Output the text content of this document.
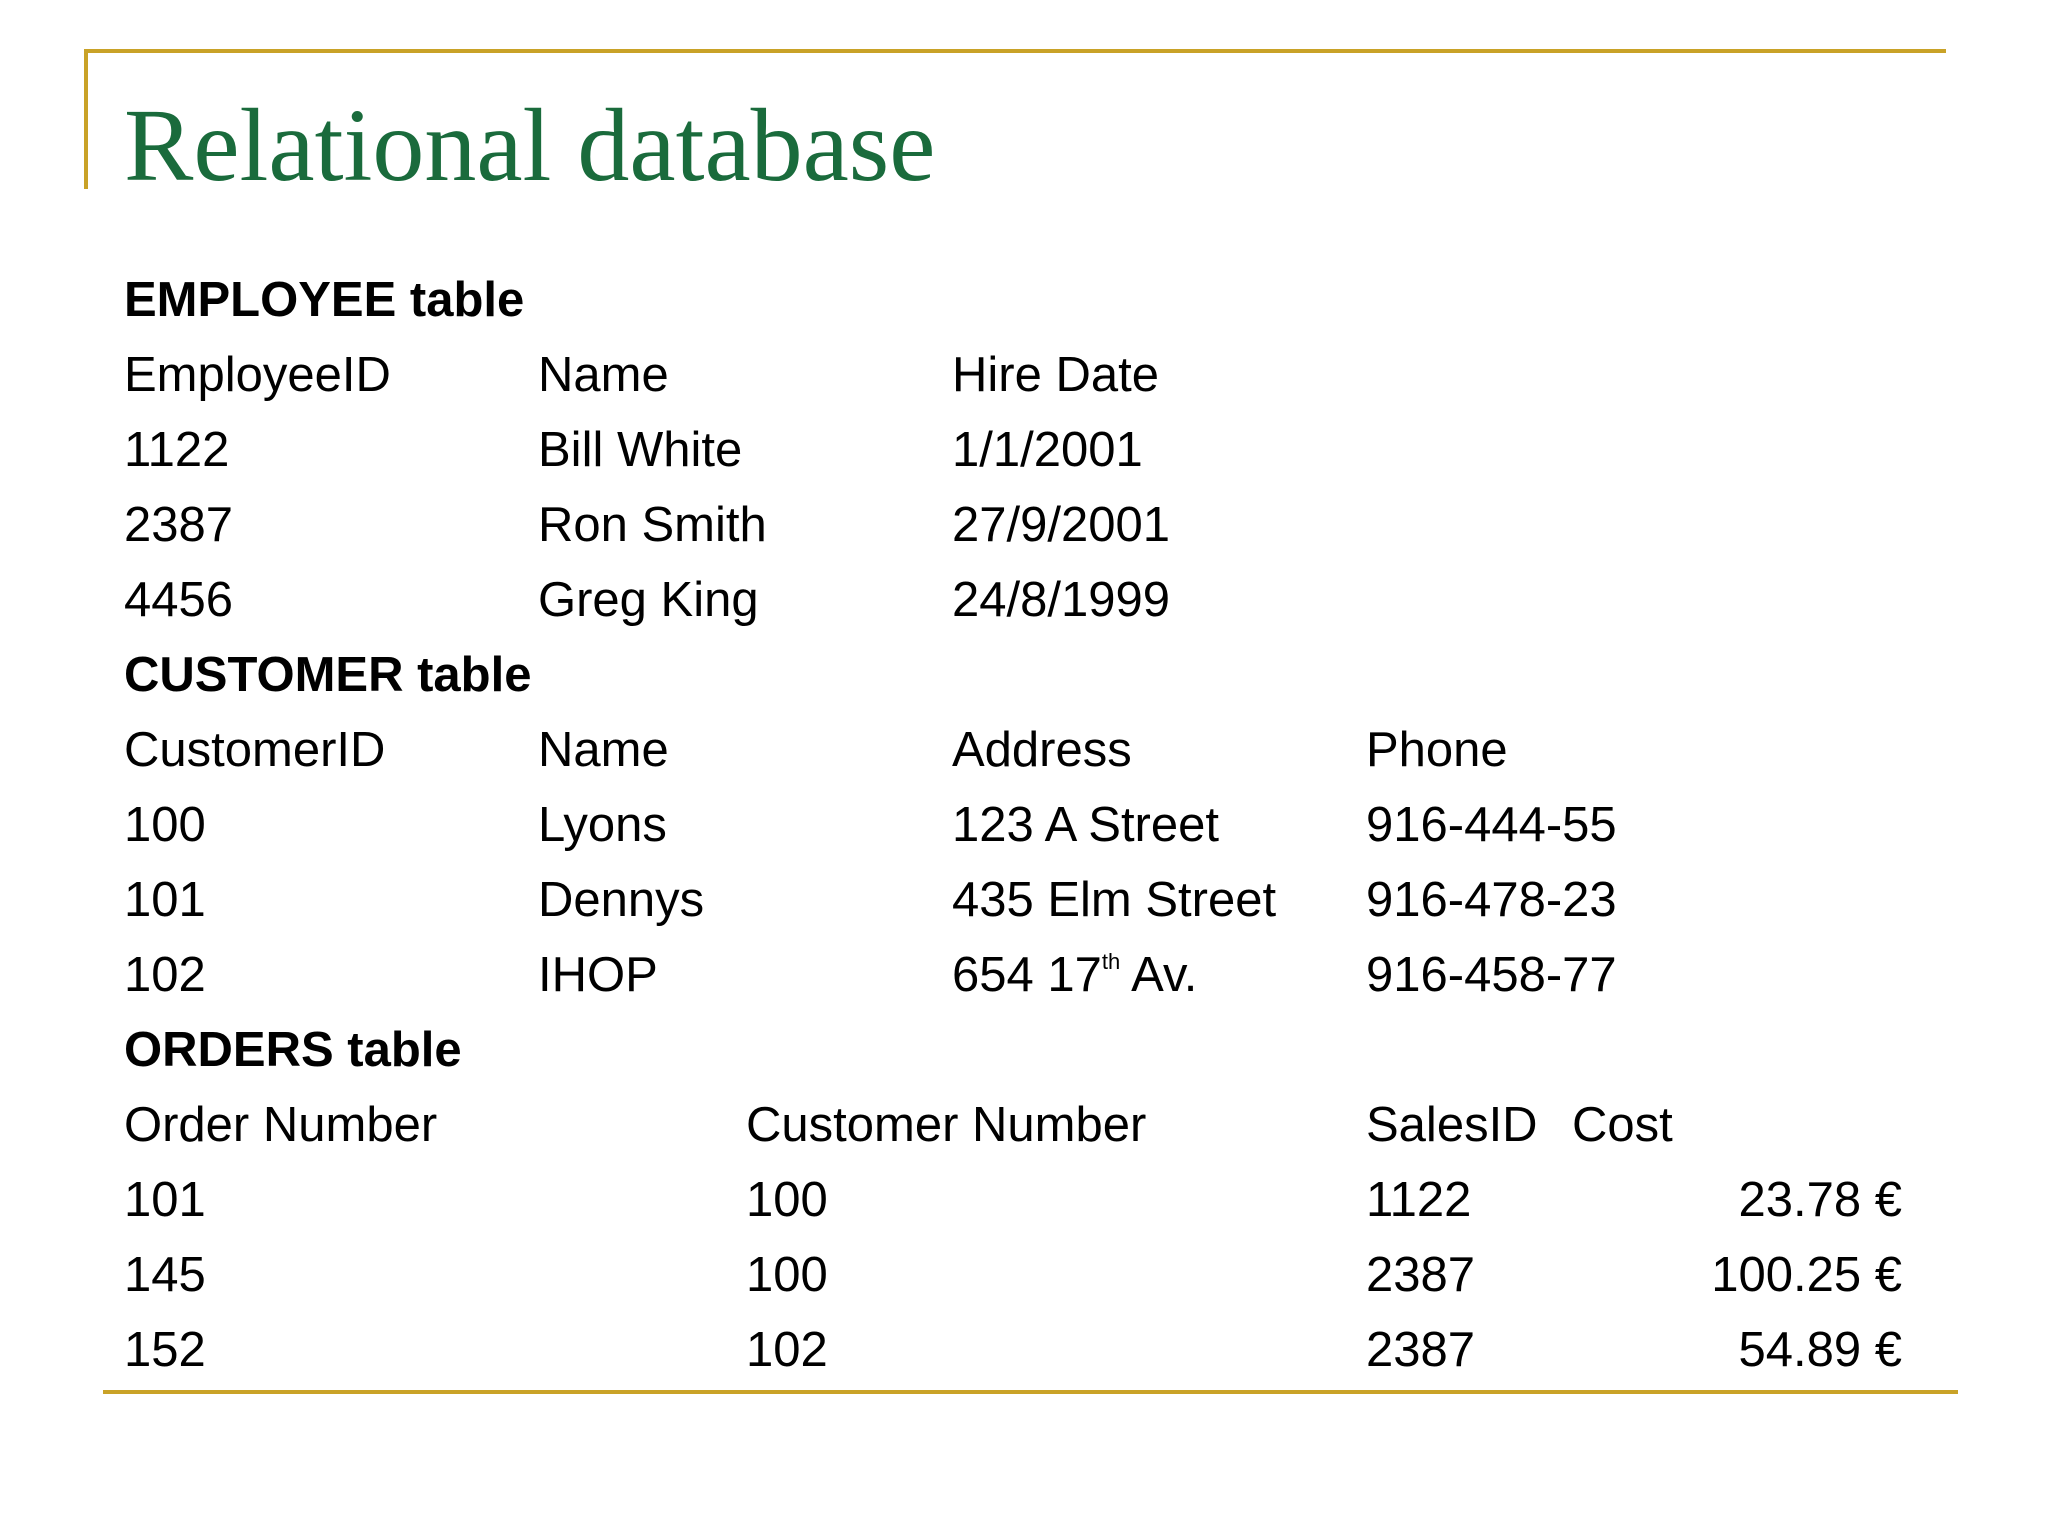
Relational database
EMPLOYEE table
EmployeeID	Name	Hire Date
1122	Bill White	1/1/2001
2387	Ron Smith	27/9/2001
4456	Greg King	24/8/1999
CUSTOMER table
CustomerID	Name	Address	Phone
100	Lyons	123 A Street	916-444-55
101	Dennys	435 Elm Street 916-478-23
102	IHOP	654 17th Av.	916-458-77
ORDERS table
Order Number	Customer Number	SalesID Cost
101	100	1122	23.78 €
145	100	2387	100.25 €
152	102	2387	54.89 €
